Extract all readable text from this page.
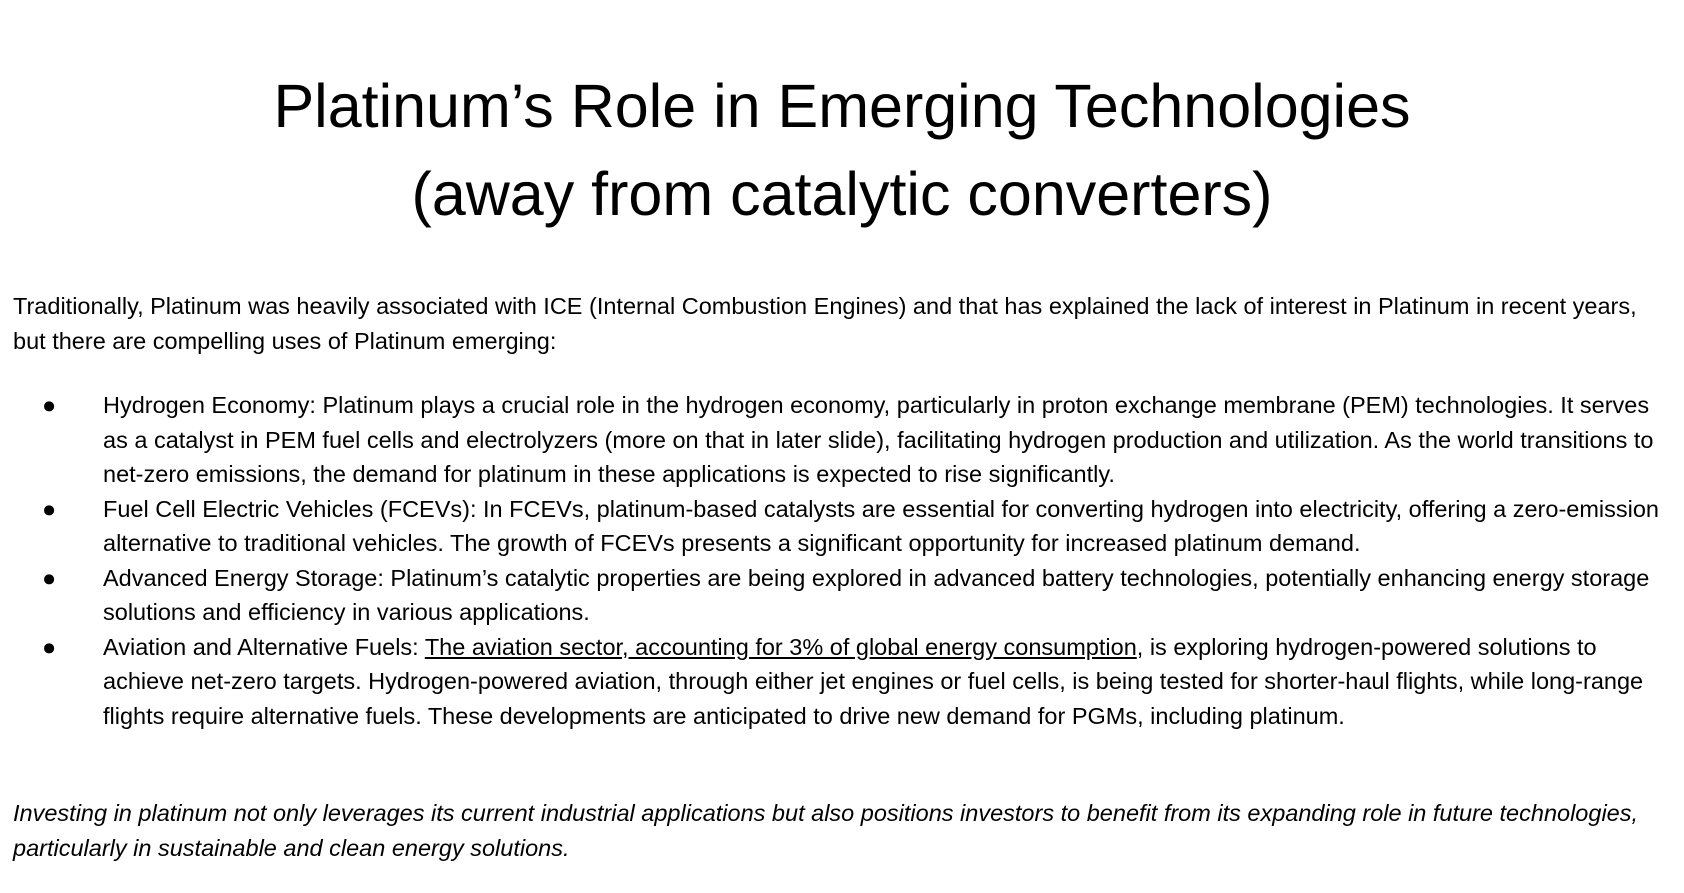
Platinum’s Role in Emerging Technologies
(away from catalytic converters)

Traditionally, Platinum was heavily associated with ICE (Internal Combustion Engines) and that has explained the lack of interest in Platinum in recent years, but there are compelling uses of Platinum emerging:

● Hydrogen Economy: Platinum plays a crucial role in the hydrogen economy, particularly in proton exchange membrane (PEM) technologies. It serves as a catalyst in PEM fuel cells and electrolyzers (more on that in later slide), facilitating hydrogen production and utilization. As the world transitions to net-zero emissions, the demand for platinum in these applications is expected to rise significantly.
● Fuel Cell Electric Vehicles (FCEVs): In FCEVs, platinum-based catalysts are essential for converting hydrogen into electricity, offering a zero-emission alternative to traditional vehicles. The growth of FCEVs presents a significant opportunity for increased platinum demand.
● Advanced Energy Storage: Platinum’s catalytic properties are being explored in advanced battery technologies, potentially enhancing energy storage solutions and efficiency in various applications.
● Aviation and Alternative Fuels: The aviation sector, accounting for 3% of global energy consumption, is exploring hydrogen-powered solutions to achieve net-zero targets. Hydrogen-powered aviation, through either jet engines or fuel cells, is being tested for shorter-haul flights, while long-range flights require alternative fuels. These developments are anticipated to drive new demand for PGMs, including platinum.

Investing in platinum not only leverages its current industrial applications but also positions investors to benefit from its expanding role in future technologies, particularly in sustainable and clean energy solutions.
